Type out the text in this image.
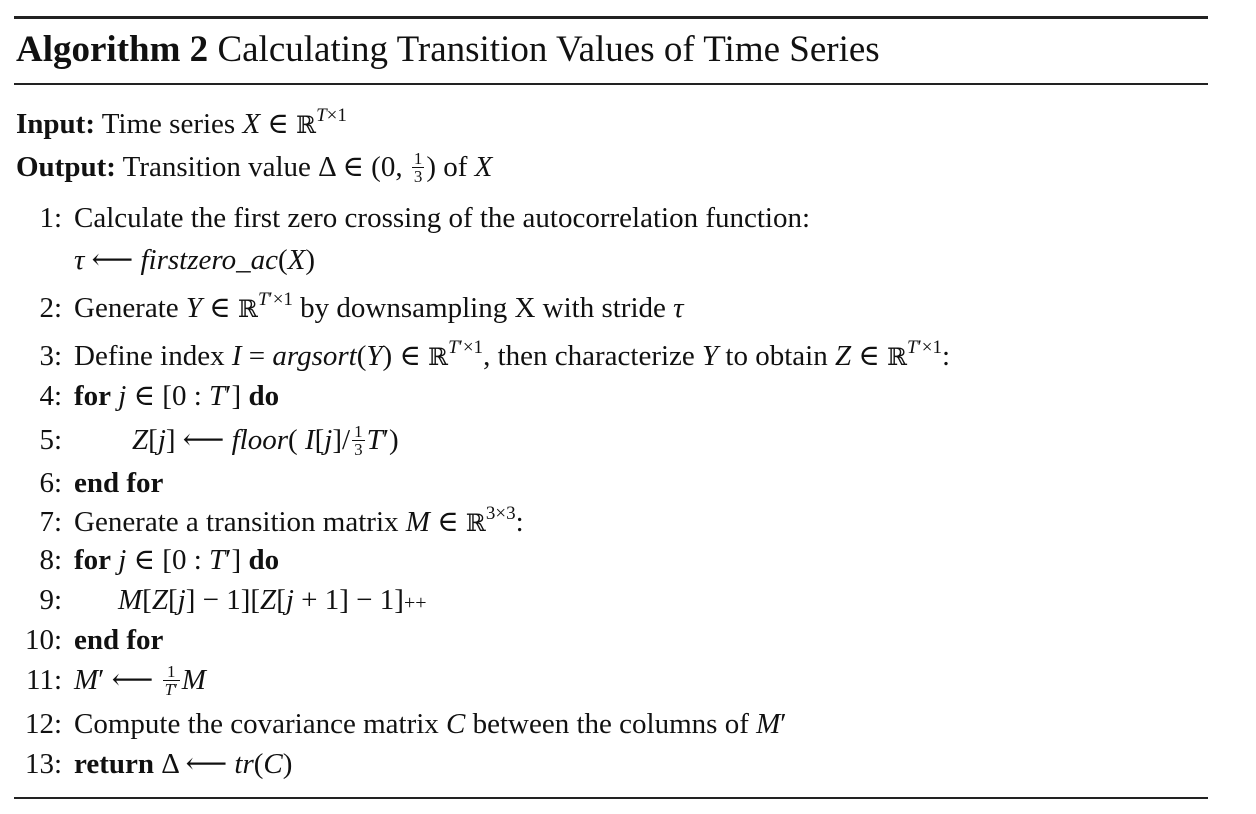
Algorithm 2 Calculating Transition Values of Time Series
Input: Time series X ∈ ℝ$^{T\times 1}$
Output: Transition value Δ ∈ (0, $\frac{1}{3}$ ) of X
1: Calculate the first zero crossing of the autocorrelation function:
τ ⟵ firstzero_ac(X)
2: Generate Y ∈ ℝ$^{T'\times 1}$ by downsampling X with stride τ
3: Define index I = argsort(Y) ∈ ℝ$^{T'\times 1}$, then characterize Y to obtain Z ∈ ℝ$^{T'\times 1}$:
4: for j ∈ [0 : T′] do
5: Z[j] ⟵ floor( $I[j]/ \frac{1}{3} T'$)
6: end for
7: Generate a transition matrix M ∈ ℝ$^{3\times 3}$:
8: for j ∈ [0 : T′] do
9: M[Z[j] − 1][Z[j + 1] − 1]++
10: end for
11: M′ ⟵ $\frac{1}{T'}$ M
12: Compute the covariance matrix C between the columns of M′
13: return Δ ⟵ tr(C)
